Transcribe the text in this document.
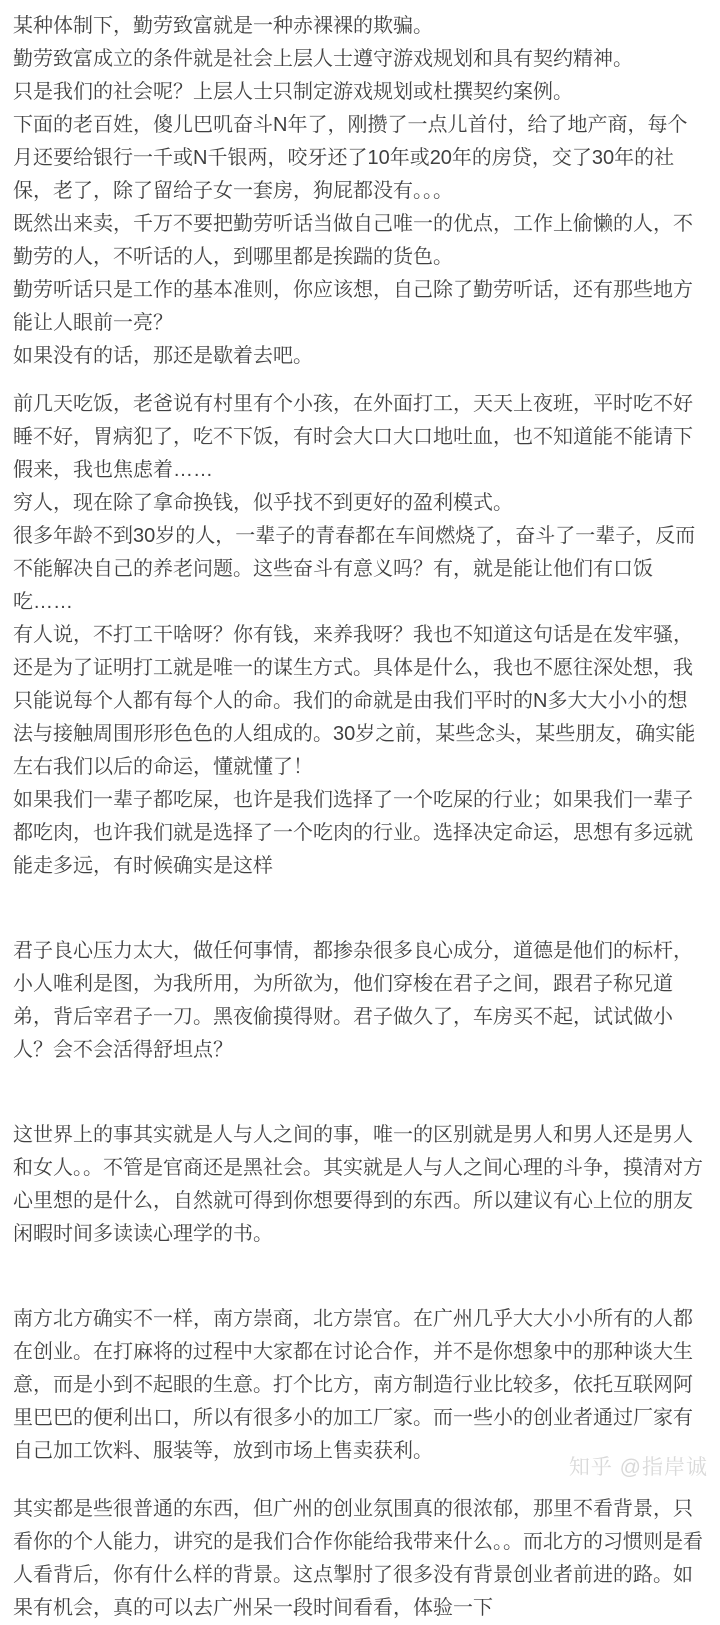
某种体制下，勤劳致富就是一种赤裸裸的欺骗。

勤劳致富成立的条件就是社会上层人士遵守游戏规划和具有契约精神。

只是我们的社会呢？上层人士只制定游戏规划或杜撰契约案例。

下面的老百姓，傻儿巴叽奋斗N年了，刚攒了一点儿首付，给了地产商，每个月还要给银行一千或N千银两，咬牙还了10年或20年的房贷，交了30年的社保，老了，除了留给子女一套房，狗屁都没有。。。

既然出来卖，千万不要把勤劳听话当做自己唯一的优点，工作上偷懒的人，不勤劳的人，不听话的人，到哪里都是挨踹的货色。

勤劳听话只是工作的基本准则，你应该想，自己除了勤劳听话，还有那些地方能让人眼前一亮？

如果没有的话，那还是歇着去吧。

前几天吃饭，老爸说有村里有个小孩，在外面打工，天天上夜班，平时吃不好睡不好，胃病犯了，吃不下饭，有时会大口大口地吐血，也不知道能不能请下假来，我也焦虑着……

穷人，现在除了拿命换钱，似乎找不到更好的盈利模式。

很多年龄不到30岁的人，一辈子的青春都在车间燃烧了，奋斗了一辈子，反而不能解决自己的养老问题。这些奋斗有意义吗？有，就是能让他们有口饭吃……

有人说，不打工干啥呀？你有钱，来养我呀？我也不知道这句话是在发牢骚，还是为了证明打工就是唯一的谋生方式。具体是什么，我也不愿往深处想，我只能说每个人都有每个人的命。我们的命就是由我们平时的N多大大小小的想法与接触周围形形色色的人组成的。30岁之前，某些念头，某些朋友，确实能左右我们以后的命运，懂就懂了！

如果我们一辈子都吃屎，也许是我们选择了一个吃屎的行业；如果我们一辈子都吃肉，也许我们就是选择了一个吃肉的行业。选择决定命运，思想有多远就能走多远，有时候确实是这样

君子良心压力太大，做任何事情，都掺杂很多良心成分，道德是他们的标杆，小人唯利是图，为我所用，为所欲为，他们穿梭在君子之间，跟君子称兄道弟，背后宰君子一刀。黑夜偷摸得财。君子做久了，车房买不起，试试做小人？会不会活得舒坦点？

这世界上的事其实就是人与人之间的事，唯一的区别就是男人和男人还是男人和女人。。不管是官商还是黑社会。其实就是人与人之间心理的斗争，摸清对方心里想的是什么，自然就可得到你想要得到的东西。所以建议有心上位的朋友闲暇时间多读读心理学的书。

南方北方确实不一样，南方崇商，北方崇官。在广州几乎大大小小所有的人都在创业。在打麻将的过程中大家都在讨论合作，并不是你想象中的那种谈大生意，而是小到不起眼的生意。打个比方，南方制造行业比较多，依托互联网阿里巴巴的便利出口，所以有很多小的加工厂家。而一些小的创业者通过厂家有自己加工饮料、服装等，放到市场上售卖获利。

其实都是些很普通的东西，但广州的创业氛围真的很浓郁，那里不看背景，只看你的个人能力，讲究的是我们合作你能给我带来什么。。而北方的习惯则是看人看背后，你有什么样的背景。这点掣肘了很多没有背景创业者前进的路。如果有机会，真的可以去广州呆一段时间看看，体验一下

知乎 @指岸诚
